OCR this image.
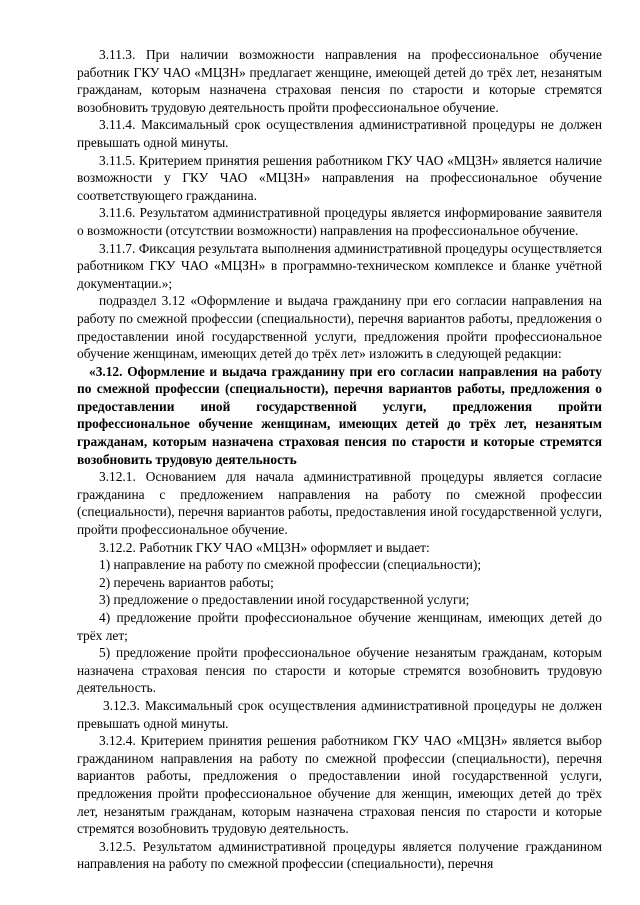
3.11.3. При наличии возможности направления на профессиональное обучение работник ГКУ ЧАО «МЦЗН» предлагает женщине, имеющей детей до трёх лет, незанятым гражданам, которым назначена страховая пенсия по старости и которые стремятся возобновить трудовую деятельность пройти профессиональное обучение.

3.11.4. Максимальный срок осуществления административной процедуры не должен превышать одной минуты.

3.11.5. Критерием принятия решения работником ГКУ ЧАО «МЦЗН» является наличие возможности у ГКУ ЧАО «МЦЗН» направления на профессиональное обучение соответствующего гражданина.

3.11.6. Результатом административной процедуры является информирование заявителя о возможности (отсутствии возможности) направления на профессиональное обучение.

3.11.7. Фиксация результата выполнения административной процедуры осуществляется работником ГКУ ЧАО «МЦЗН» в программно-техническом комплексе и бланке учётной документации.»;

подраздел 3.12 «Оформление и выдача гражданину при его согласии направления на работу по смежной профессии (специальности), перечня вариантов работы, предложения о предоставлении иной государственной услуги, предложения пройти профессиональное обучение женщинам, имеющих детей до трёх лет» изложить в следующей редакции:

«3.12. Оформление и выдача гражданину при его согласии направления на работу по смежной профессии (специальности), перечня вариантов работы, предложения о предоставлении иной государственной услуги, предложения пройти профессиональное обучение женщинам, имеющих детей до трёх лет, незанятым гражданам, которым назначена страховая пенсия по старости и которые стремятся возобновить трудовую деятельность

3.12.1. Основанием для начала административной процедуры является согласие гражданина с предложением направления на работу по смежной профессии (специальности), перечня вариантов работы, предоставления иной государственной услуги, пройти профессиональное обучение.

3.12.2. Работник ГКУ ЧАО «МЦЗН» оформляет и выдает:

1) направление на работу по смежной профессии (специальности);

2) перечень вариантов работы;

3) предложение о предоставлении иной государственной услуги;

4) предложение пройти профессиональное обучение женщинам, имеющих детей до трёх лет;

5) предложение пройти профессиональное обучение незанятым гражданам, которым назначена страховая пенсия по старости и которые стремятся возобновить трудовую деятельность.

3.12.3. Максимальный срок осуществления административной процедуры не должен превышать одной минуты.

3.12.4. Критерием принятия решения работником ГКУ ЧАО «МЦЗН» является выбор гражданином направления на работу по смежной профессии (специальности), перечня вариантов работы, предложения о предоставлении иной государственной услуги, предложения пройти профессиональное обучение для женщин, имеющих детей до трёх лет, незанятым гражданам, которым назначена страховая пенсия по старости и которые стремятся возобновить трудовую деятельность.

3.12.5. Результатом административной процедуры является получение гражданином направления на работу по смежной профессии (специальности), перечня
